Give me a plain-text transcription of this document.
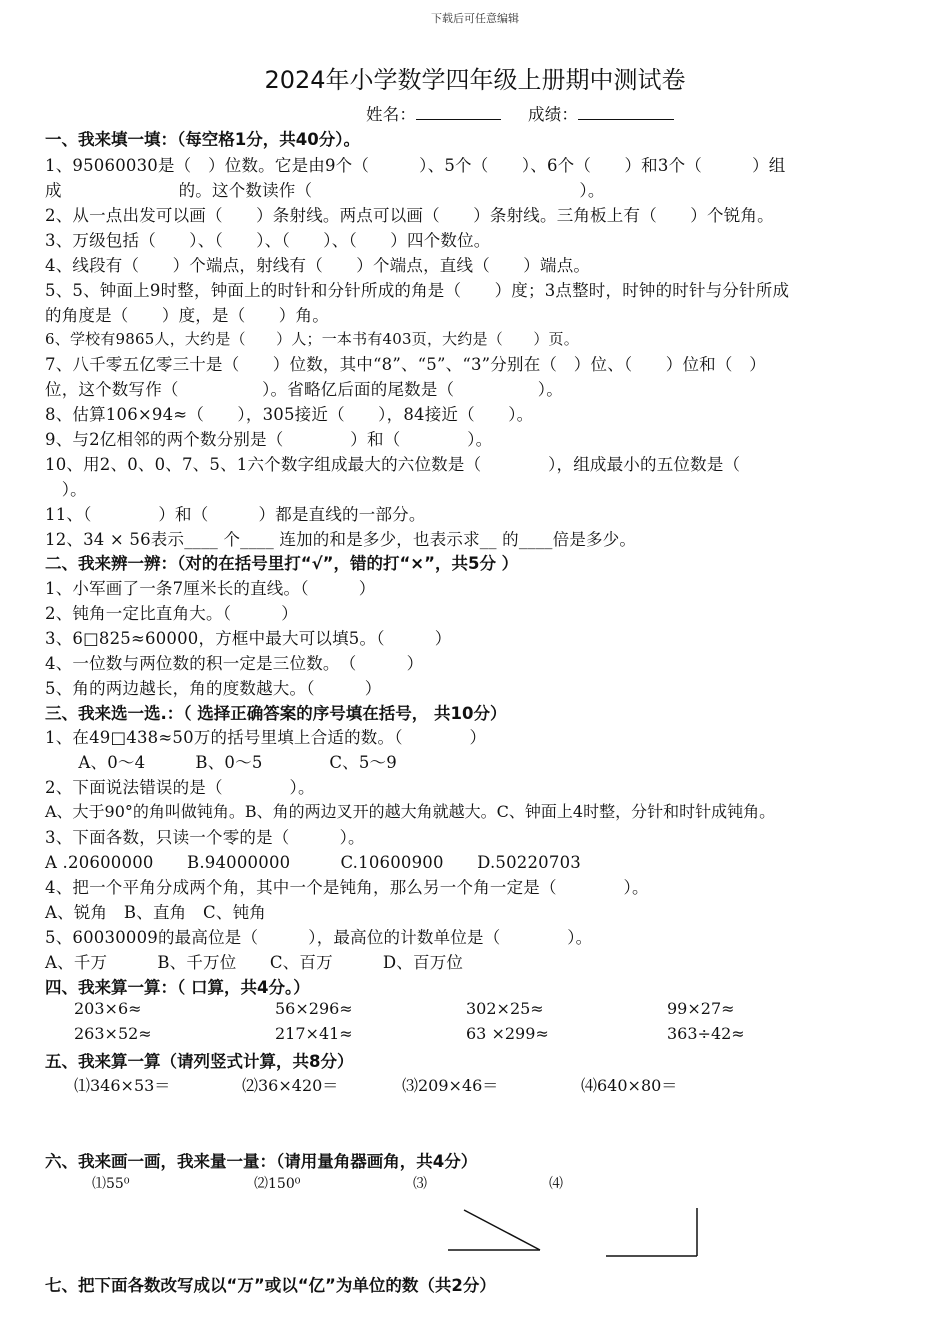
下载后可任意编辑
2024年小学数学四年级上册期中测试卷
姓名：	成绩：
一、我来填一填：（每空格1分，共40分）。
1、95060030是（　）位数。它是由9个（　　　）、5个（　　）、6个（　　）和3个（　　　）组
成　　　　　　　的。这个数读作（　　　　　　　　　　　　　　　　）。
2、从一点出发可以画（　　）条射线。两点可以画（　　）条射线。三角板上有（　　）个锐角。
3、万级包括（　　）、（　　）、（　　）、（　　）四个数位。
4、线段有（　　）个端点，射线有（　　）个端点，直线（　　）端点。
5、5、钟面上9时整，钟面上的时针和分针所成的角是（　　）度；3点整时，时钟的时针与分针所成
的角度是（　　）度，是（　　）角。
6、学校有9865人，大约是（　　）人；一本书有403页，大约是（　　）页。
7、八千零五亿零三十是（　　）位数，其中“8”、“5”、“3”分别在（　）位、（　　）位和（　）
位，这个数写作（　　　　　）。省略亿后面的尾数是（　　　　　）。
8、估算106×94≈（　　），305接近（　　），84接近（　　）。
9、与2亿相邻的两个数分别是（　　　　）和（　　　　）。
10、用2、0、0、7、5、1六个数字组成最大的六位数是（　　　　），组成最小的五位数是（
　）。
11、（　　　　）和（　　　）都是直线的一部分。
12、34 × 56表示____ 个____ 连加的和是多少，也表示求__ 的____倍是多少。
二、我来辨一辨：（对的在括号里打“√”，错的打“×”，共5分 ）
1、小军画了一条7厘米长的直线。（　　　）
2、钝角一定比直角大。（　　　）
3、6□825≈60000，方框中最大可以填5。（　　　）
4、一位数与两位数的积一定是三位数。　（　　　）
5、角的两边越长，角的度数越大。（　　　）
三、我来选一选.：（ 选择正确答案的序号填在括号， 共10分）
1、在49□438≈50万的括号里填上合适的数。（　　　　）
　　A、0～4　　　B、0～5　　　　C、5～9
2、下面说法错误的是（　　　　）。
A、大于90°的角叫做钝角。B、角的两边叉开的越大角就越大。C、钟面上4时整，分针和时针成钝角。
3、下面各数，只读一个零的是（　　　）。
A .20600000　　B.94000000　　　C.10600900　　D.50220703
4、把一个平角分成两个角，其中一个是钝角，那么另一个角一定是（　　　　）。
A、锐角　B、直角　C、钝角
5、60030009的最高位是（　　　），最高位的计数单位是（　　　　）。
A、千万　　　B、千万位　　C、百万　　　D、百万位
四、我来算一算：（ 口算，共4分。）
203×6≈	56×296≈	302×25≈	99×27≈
263×52≈	217×41≈	63 ×299≈	363÷42≈
五、我来算一算（请列竖式计算，共8分）
⑴346×53＝	⑵36×420＝	⑶209×46＝	⑷640×80＝
六、我来画一画，我来量一量：（请用量角器画角，共4分）
⑴55⁰	⑵150⁰	⑶	⑷
七、把下面各数改写成以“万”或以“亿”为单位的数（共2分）
